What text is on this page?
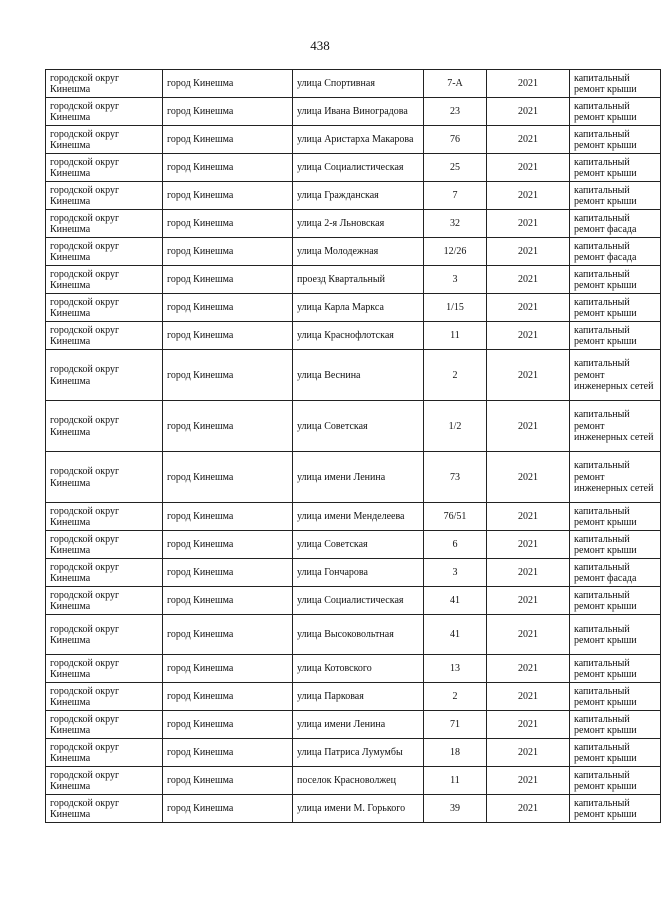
438
городской округ Кинешма	город Кинешма	улица Спортивная	7-А	2021	капитальный ремонт крыши

городской округ Кинешма	город Кинешма	улица Ивана Виноградова	23	2021	капитальный ремонт крыши

городской округ Кинешма	город Кинешма	улица Аристарха Макарова	76	2021	капитальный ремонт крыши

городской округ Кинешма	город Кинешма	улица Социалистическая	25	2021	капитальный ремонт крыши

городской округ Кинешма	город Кинешма	улица Гражданская	7	2021	капитальный ремонт крыши

городской округ Кинешма	город Кинешма	улица 2-я Льновская	32	2021	капитальный ремонт фасада

городской округ Кинешма	город Кинешма	улица Молодежная	12/26	2021	капитальный ремонт фасада

городской округ Кинешма	город Кинешма	проезд Квартальный	3	2021	капитальный ремонт крыши

городской округ Кинешма	город Кинешма	улица Карла Маркса	1/15	2021	капитальный ремонт крыши

городской округ Кинешма	город Кинешма	улица Краснофлотская	11	2021	капитальный ремонт крыши

городской округ Кинешма	город Кинешма	улица Веснина	2	2021	капитальный ремонт инженерных сетей

городской округ Кинешма	город Кинешма	улица Советская	1/2	2021	капитальный ремонт инженерных сетей

городской округ Кинешма	город Кинешма	улица имени Ленина	73	2021	капитальный ремонт инженерных сетей

городской округ Кинешма	город Кинешма	улица имени Менделеева	76/51	2021	капитальный ремонт крыши

городской округ Кинешма	город Кинешма	улица Советская	6	2021	капитальный ремонт крыши

городской округ Кинешма	город Кинешма	улица Гончарова	3	2021	капитальный ремонт фасада

городской округ Кинешма	город Кинешма	улица Социалистическая	41	2021	капитальный ремонт крыши

городской округ Кинешма	город Кинешма	улица Высоковольтная	41	2021	капитальный ремонт крыши

городской округ Кинешма	город Кинешма	улица Котовского	13	2021	капитальный ремонт крыши

городской округ Кинешма	город Кинешма	улица Парковая	2	2021	капитальный ремонт крыши

городской округ Кинешма	город Кинешма	улица имени Ленина	71	2021	капитальный ремонт крыши

городской округ Кинешма	город Кинешма	улица Патриса Лумумбы	18	2021	капитальный ремонт крыши

городской округ Кинешма	город Кинешма	поселок Красноволжец	11	2021	капитальный ремонт крыши

городской округ Кинешма	город Кинешма	улица имени М. Горького	39	2021	капитальный ремонт крыши
